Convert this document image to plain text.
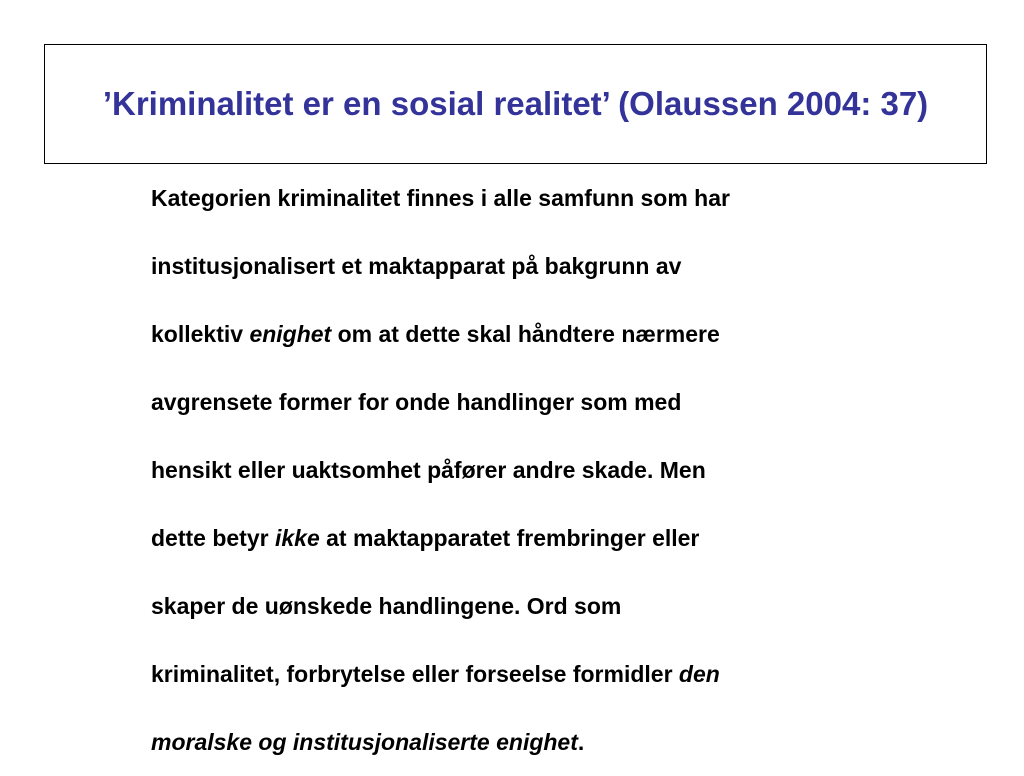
’Kriminalitet er en sosial realitet’ (Olaussen 2004: 37)
Kategorien kriminalitet finnes i alle samfunn som har
institusjonalisert et maktapparat på bakgrunn av
kollektiv enighet om at dette skal håndtere nærmere
avgrensete former for onde handlinger som med
hensikt eller uaktsomhet påfører andre skade. Men
dette betyr ikke at maktapparatet frembringer eller
skaper de uønskede handlingene. Ord som
kriminalitet, forbrytelse eller forseelse formidler den
moralske og institusjonaliserte enighet.
